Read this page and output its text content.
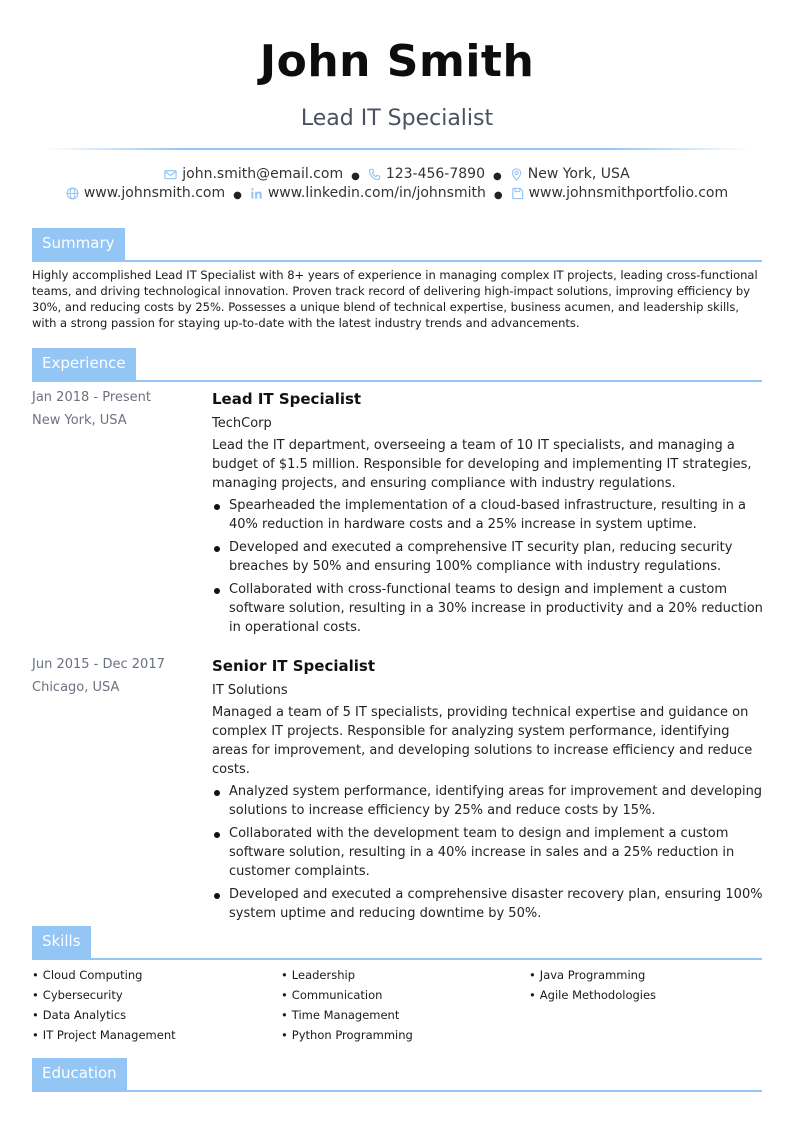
John Smith
Lead IT Specialist
john.smith@email.com ● 123-456-7890 ● New York, USA
www.johnsmith.com ● www.linkedin.com/in/johnsmith ● www.johnsmithportfolio.com
Summary
Highly accomplished Lead IT Specialist with 8+ years of experience in managing complex IT projects, leading cross-functional teams, and driving technological innovation. Proven track record of delivering high-impact solutions, improving efficiency by 30%, and reducing costs by 25%. Possesses a unique blend of technical expertise, business acumen, and leadership skills, with a strong passion for staying up-to-date with the latest industry trends and advancements.
Experience
Jan 2018 - Present
New York, USA
Lead IT Specialist
TechCorp
Lead the IT department, overseeing a team of 10 IT specialists, and managing a budget of $1.5 million. Responsible for developing and implementing IT strategies, managing projects, and ensuring compliance with industry regulations.
Spearheaded the implementation of a cloud-based infrastructure, resulting in a 40% reduction in hardware costs and a 25% increase in system uptime.
Developed and executed a comprehensive IT security plan, reducing security breaches by 50% and ensuring 100% compliance with industry regulations.
Collaborated with cross-functional teams to design and implement a custom software solution, resulting in a 30% increase in productivity and a 20% reduction in operational costs.
Jun 2015 - Dec 2017
Chicago, USA
Senior IT Specialist
IT Solutions
Managed a team of 5 IT specialists, providing technical expertise and guidance on complex IT projects. Responsible for analyzing system performance, identifying areas for improvement, and developing solutions to increase efficiency and reduce costs.
Analyzed system performance, identifying areas for improvement and developing solutions to increase efficiency by 25% and reduce costs by 15%.
Collaborated with the development team to design and implement a custom software solution, resulting in a 40% increase in sales and a 25% reduction in customer complaints.
Developed and executed a comprehensive disaster recovery plan, ensuring 100% system uptime and reducing downtime by 50%.
Skills
• Cloud Computing
• Cybersecurity
• Data Analytics
• IT Project Management
• Leadership
• Communication
• Time Management
• Python Programming
• Java Programming
• Agile Methodologies
Education
